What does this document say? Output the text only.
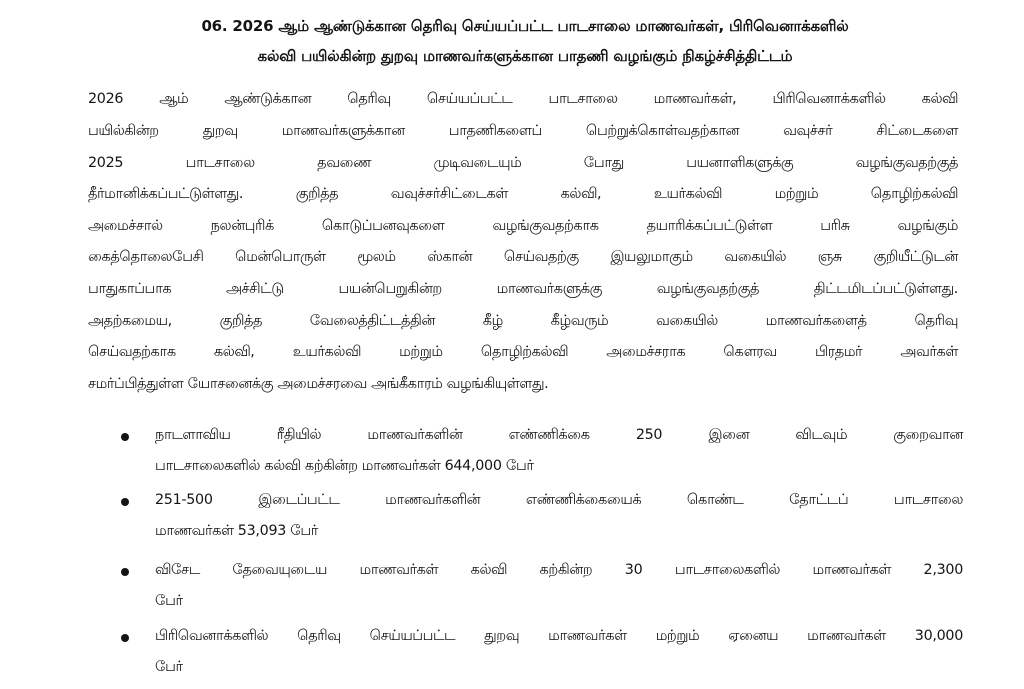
06. 2026 ஆம் ஆண்டுக்கான தெரிவு செய்யப்பட்ட பாடசாலை மாணவர்கள், பிரிவெனாக்களில்
கல்வி பயில்கின்ற துறவு மாணவர்களுக்கான பாதணி வழங்கும் நிகழ்ச்சித்திட்டம்
2026 ஆம் ஆண்டுக்கான தெரிவு செய்யப்பட்ட பாடசாலை மாணவர்கள், பிரிவெனாக்களில் கல்வி
பயில்கின்ற துறவு மாணவர்களுக்கான பாதணிகளைப் பெற்றுக்கொள்வதற்கான வவுச்சர் சிட்டைகளை
2025 பாடசாலை தவணை முடிவடையும் போது பயனாளிகளுக்கு வழங்குவதற்குத்
தீர்மானிக்கப்பட்டுள்ளது. குறித்த வவுச்சர்சிட்டைகள் கல்வி, உயர்கல்வி மற்றும் தொழிற்கல்வி
அமைச்சால் நலன்புரிக் கொடுப்பனவுகளை வழங்குவதற்காக தயாரிக்கப்பட்டுள்ள பரிசு வழங்கும்
கைத்தொலைபேசி மென்பொருள் மூலம் ஸ்கான் செய்வதற்கு இயலுமாகும் வகையில் ஞசு குறியீட்டுடன்
பாதுகாப்பாக அச்சிட்டு பயன்பெறுகின்ற மாணவர்களுக்கு வழங்குவதற்குத் திட்டமிடப்பட்டுள்ளது.
அதற்கமைய, குறித்த வேலைத்திட்டத்தின் கீழ் கீழ்வரும் வகையில் மாணவர்களைத் தெரிவு
செய்வதற்காக கல்வி, உயர்கல்வி மற்றும் தொழிற்கல்வி அமைச்சராக கௌரவ பிரதமர் அவர்கள்
சமர்ப்பித்துள்ள யோசனைக்கு அமைச்சரவை அங்கீகாரம் வழங்கியுள்ளது.
நாடளாவிய ரீதியில் மாணவர்களின் எண்ணிக்கை 250 இனை விடவும் குறைவான
பாடசாலைகளில் கல்வி கற்கின்ற மாணவர்கள் 644,000 பேர்
251-500 இடைப்பட்ட மாணவர்களின் எண்ணிக்கையைக் கொண்ட தோட்டப் பாடசாலை
மாணவர்கள் 53,093 பேர்
விசேட தேவையுடைய மாணவர்கள் கல்வி கற்கின்ற 30 பாடசாலைகளில் மாணவர்கள் 2,300
பேர்
பிரிவெனாக்களில் தெரிவு செய்யப்பட்ட துறவு மாணவர்கள் மற்றும் ஏனைய மாணவர்கள் 30,000
பேர்
